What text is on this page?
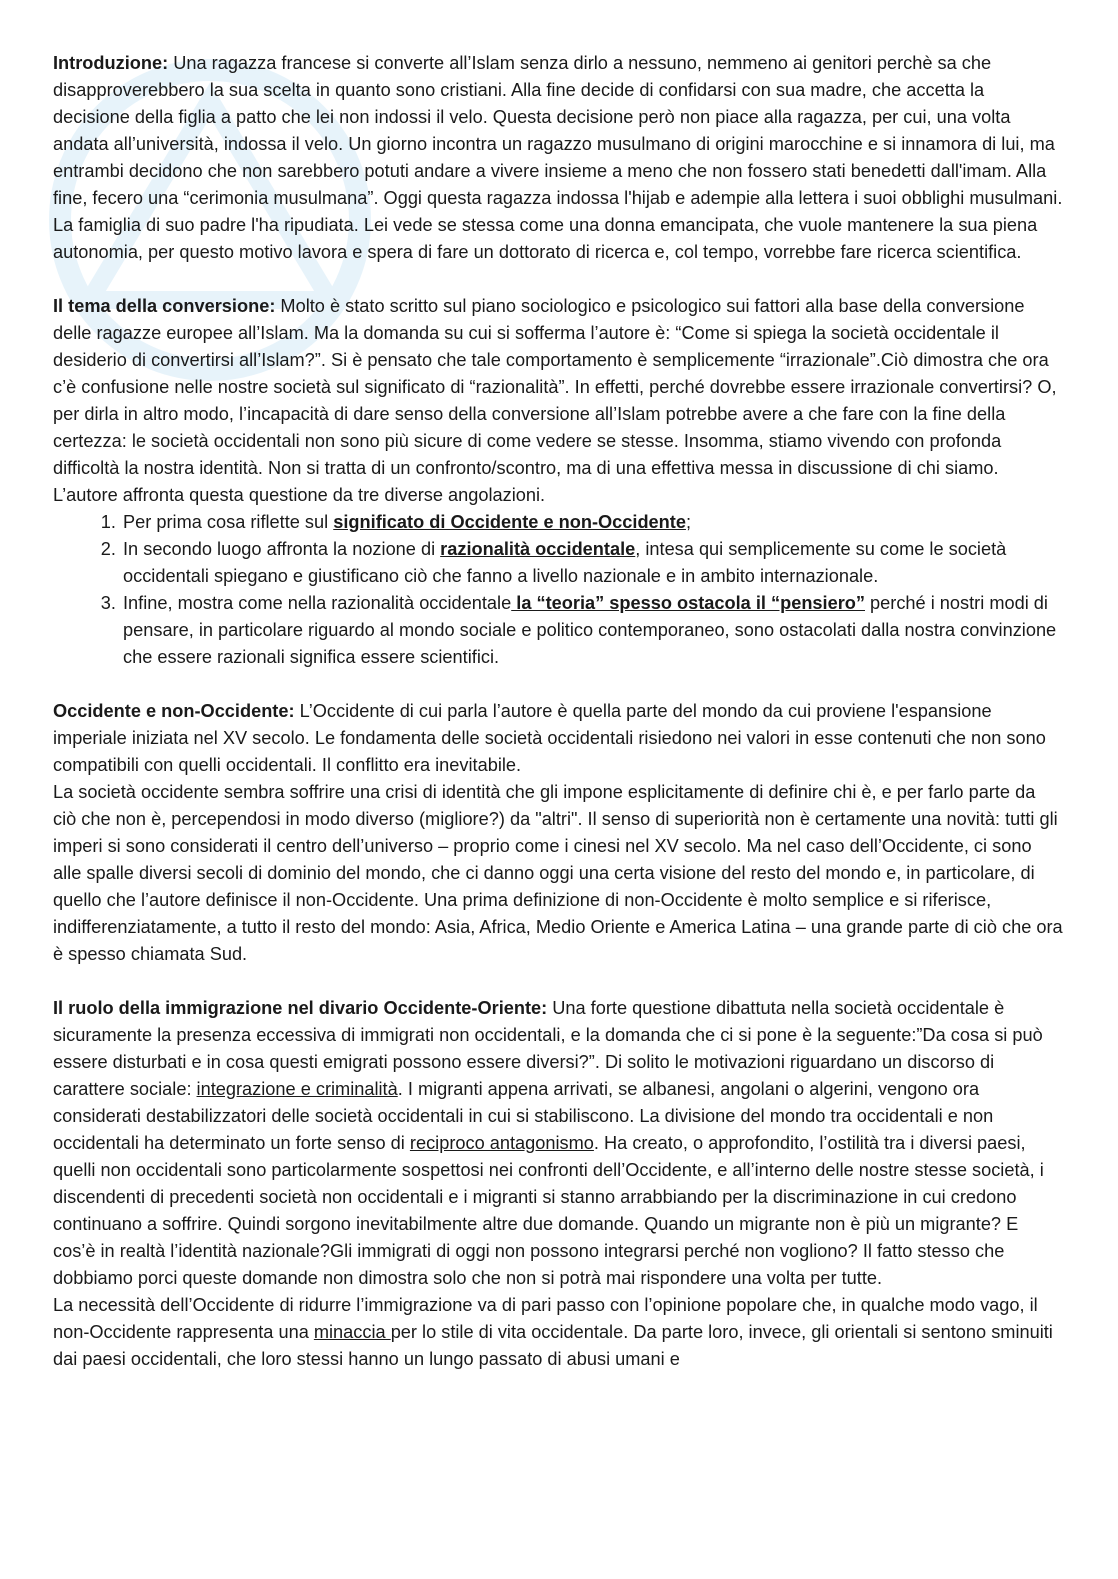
Introduzione: Una ragazza francese si converte all’Islam senza dirlo a nessuno, nemmeno ai genitori perchè sa che disapproverebbero la sua scelta in quanto sono cristiani. Alla fine decide di confidarsi con sua madre, che accetta la decisione della figlia a patto che lei non indossi il velo. Questa decisione però non piace alla ragazza, per cui, una volta andata all’università, indossa il velo. Un giorno incontra un ragazzo musulmano di origini marocchine e si innamora di lui, ma entrambi decidono che non sarebbero potuti andare a vivere insieme a meno che non fossero stati benedetti dall'imam. Alla fine, fecero una “cerimonia musulmana”. Oggi questa ragazza indossa l'hijab e adempie alla lettera i suoi obblighi musulmani. La famiglia di suo padre l'ha ripudiata. Lei vede se stessa come una donna emancipata, che vuole mantenere la sua piena autonomia, per questo motivo lavora e spera di fare un dottorato di ricerca e, col tempo, vorrebbe fare ricerca scientifica.

Il tema della conversione: Molto è stato scritto sul piano sociologico e psicologico sui fattori alla base della conversione delle ragazze europee all’Islam. Ma la domanda su cui si sofferma l’autore è: “Come si spiega la società occidentale il desiderio di convertirsi all’Islam?”. Si è pensato che tale comportamento è semplicemente “irrazionale”.Ciò dimostra che ora c’è confusione nelle nostre società sul significato di “razionalità”. In effetti, perché dovrebbe essere irrazionale convertirsi? O, per dirla in altro modo, l’incapacità di dare senso della conversione all’Islam potrebbe avere a che fare con la fine della certezza: le società occidentali non sono più sicure di come vedere se stesse. Insomma, stiamo vivendo con profonda difficoltà la nostra identità. Non si tratta di un confronto/scontro, ma di una effettiva messa in discussione di chi siamo. L’autore affronta questa questione da tre diverse angolazioni.

1. Per prima cosa riflette sul significato di Occidente e non-Occidente;
2. In secondo luogo affronta la nozione di razionalità occidentale, intesa qui semplicemente su come le società occidentali spiegano e giustificano ciò che fanno a livello nazionale e in ambito internazionale.
3. Infine, mostra come nella razionalità occidentale la “teoria” spesso ostacola il “pensiero” perché i nostri modi di pensare, in particolare riguardo al mondo sociale e politico contemporaneo, sono ostacolati dalla nostra convinzione che essere razionali significa essere scientifici.

Occidente e non-Occidente: L’Occidente di cui parla l’autore è quella parte del mondo da cui proviene l'espansione imperiale iniziata nel XV secolo. Le fondamenta delle società occidentali risiedono nei valori in esse contenuti che non sono compatibili con quelli occidentali. Il conflitto era inevitabile.

La società occidente sembra soffrire una crisi di identità che gli impone esplicitamente di definire chi è, e per farlo parte da ciò che non è, percependosi in modo diverso (migliore?) da "altri". Il senso di superiorità non è certamente una novità: tutti gli imperi si sono considerati il centro dell’universo – proprio come i cinesi nel XV secolo. Ma nel caso dell’Occidente, ci sono alle spalle diversi secoli di dominio del mondo, che ci danno oggi una certa visione del resto del mondo e, in particolare, di quello che l’autore definisce il non-Occidente. Una prima definizione di non-Occidente è molto semplice e si riferisce, indifferenziatamente, a tutto il resto del mondo: Asia, Africa, Medio Oriente e America Latina – una grande parte di ciò che ora è spesso chiamata Sud.

Il ruolo della immigrazione nel divario Occidente-Oriente: Una forte questione dibattuta nella società occidentale è sicuramente la presenza eccessiva di immigrati non occidentali, e la domanda che ci si pone è la seguente:”Da cosa si può essere disturbati e in cosa questi emigrati possono essere diversi?”. Di solito le motivazioni riguardano un discorso di carattere sociale: integrazione e criminalità. I migranti appena arrivati, se albanesi, angolani o algerini, vengono ora considerati destabilizzatori delle società occidentali in cui si stabiliscono. La divisione del mondo tra occidentali e non occidentali ha determinato un forte senso di reciproco antagonismo. Ha creato, o approfondito, l’ostilità tra i diversi paesi, quelli non occidentali sono particolarmente sospettosi nei confronti dell’Occidente, e all’interno delle nostre stesse società, i discendenti di precedenti società non occidentali e i migranti si stanno arrabbiando per la discriminazione in cui credono continuano a soffrire. Quindi sorgono inevitabilmente altre due domande. Quando un migrante non è più un migrante? E cos’è in realtà l’identità nazionale?Gli immigrati di oggi non possono integrarsi perché non vogliono? Il fatto stesso che dobbiamo porci queste domande non dimostra solo che non si potrà mai rispondere una volta per tutte.

La necessità dell’Occidente di ridurre l’immigrazione va di pari passo con l’opinione popolare che, in qualche modo vago, il non-Occidente rappresenta una minaccia per lo stile di vita occidentale. Da parte loro, invece, gli orientali si sentono sminuiti dai paesi occidentali, che loro stessi hanno un lungo passato di abusi umani e
